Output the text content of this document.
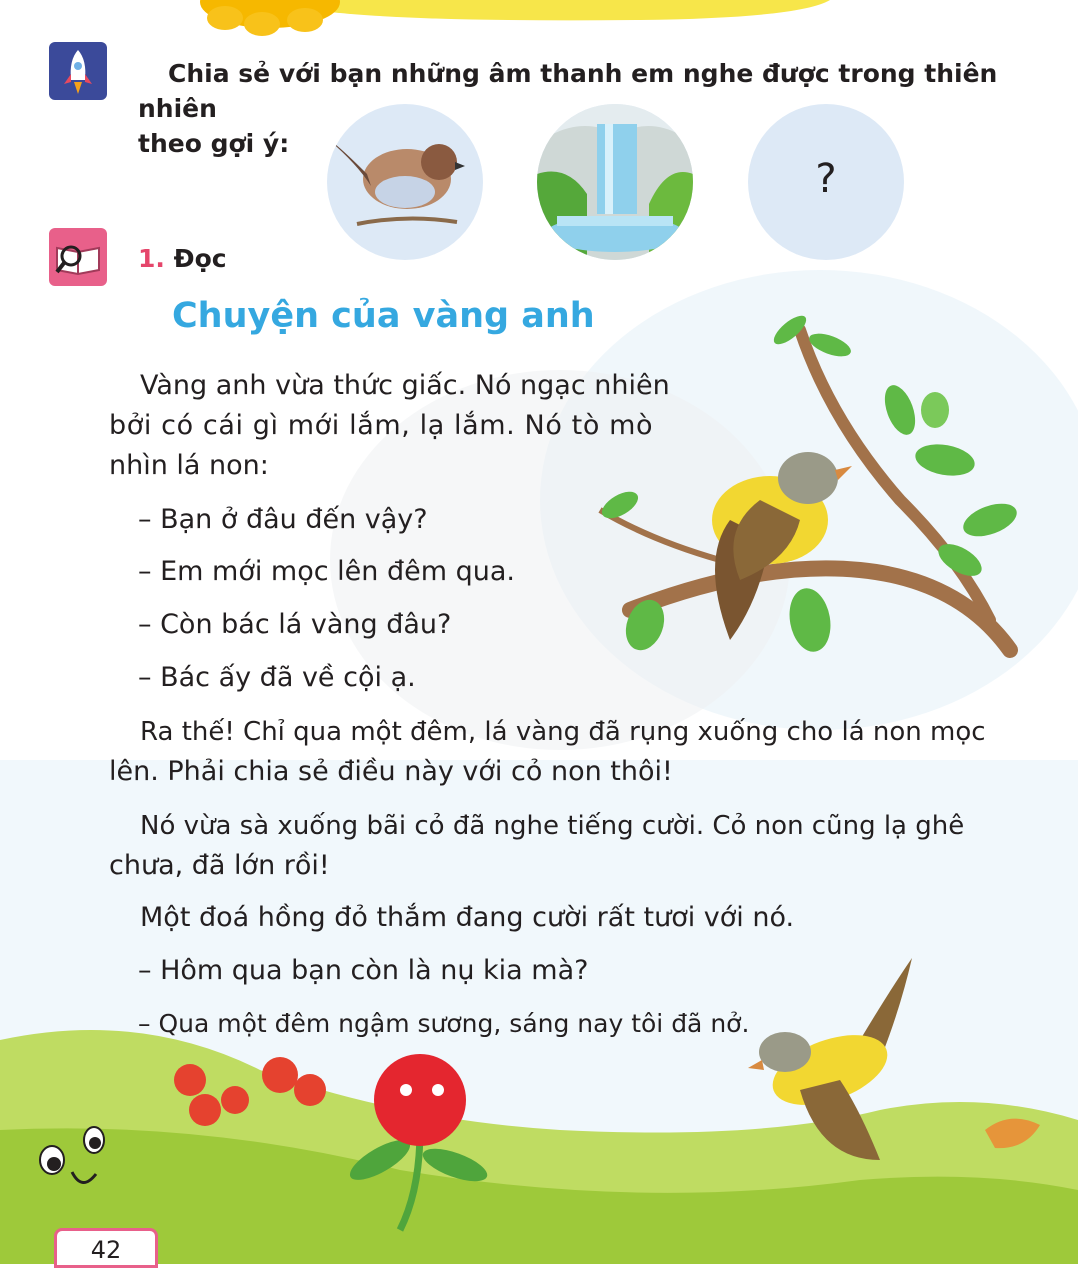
Chia sẻ với bạn những âm thanh em nghe được trong thiên nhiên
theo gợi ý:
?
1. Đọc
Chuyện của vàng anh
Vàng anh vừa thức giấc. Nó ngạc nhiên
bởi có cái gì mới lắm, lạ lắm. Nó tò mò
nhìn lá non:
– Bạn ở đâu đến vậy?
– Em mới mọc lên đêm qua.
– Còn bác lá vàng đâu?
– Bác ấy đã về cội ạ.
Ra thế! Chỉ qua một đêm, lá vàng đã rụng xuống cho lá non mọc
lên. Phải chia sẻ điều này với cỏ non thôi!
Nó vừa sà xuống bãi cỏ đã nghe tiếng cười. Cỏ non cũng lạ ghê
chưa, đã lớn rồi!
Một đoá hồng đỏ thắm đang cười rất tươi với nó.
– Hôm qua bạn còn là nụ kia mà?
– Qua một đêm ngậm sương, sáng nay tôi đã nở.
42
